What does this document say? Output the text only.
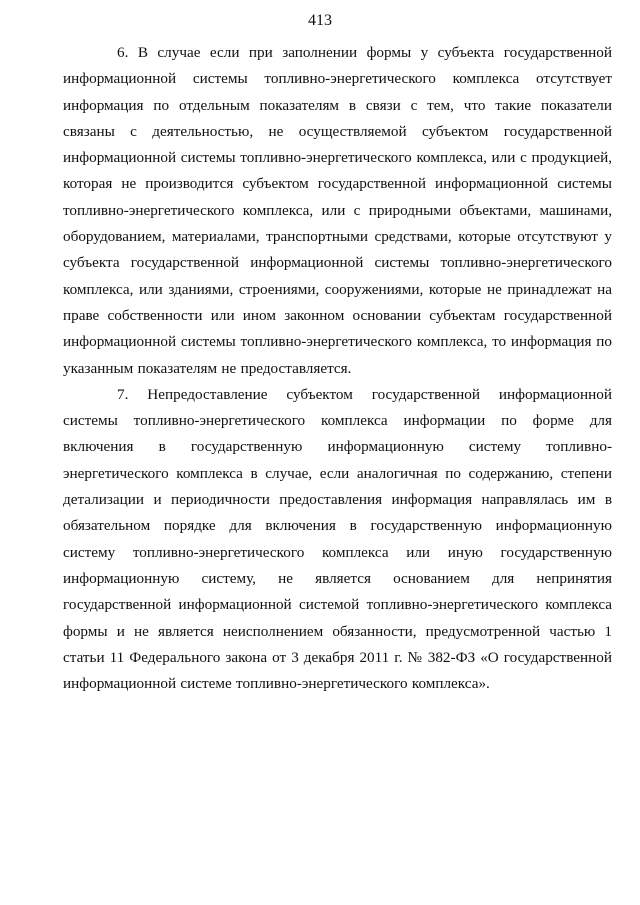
413

6. В случае если при заполнении формы у субъекта государственной информационной системы топливно-энергетического комплекса отсутствует информация по отдельным показателям в связи с тем, что такие показатели связаны с деятельностью, не осуществляемой субъектом государственной информационной системы топливно-энергетического комплекса, или с продукцией, которая не производится субъектом государственной информационной системы топливно-энергетического комплекса, или с природными объектами, машинами, оборудованием, материалами, транспортными средствами, которые отсутствуют у субъекта государственной информационной системы топливно-энергетического комплекса, или зданиями, строениями, сооружениями, которые не принадлежат на праве собственности или ином законном основании субъектам государственной информационной системы топливно-энергетического комплекса, то информация по указанным показателям не предоставляется.

7. Непредоставление субъектом государственной информационной системы топливно-энергетического комплекса информации по форме для включения в государственную информационную систему топливно-энергетического комплекса в случае, если аналогичная по содержанию, степени детализации и периодичности предоставления информация направлялась им в обязательном порядке для включения в государственную информационную систему топливно-энергетического комплекса или иную государственную информационную систему, не является основанием для непринятия государственной информационной системой топливно-энергетического комплекса формы и не является неисполнением обязанности, предусмотренной частью 1 статьи 11 Федерального закона от 3 декабря 2011 г. № 382-ФЗ «О государственной информационной системе топливно-энергетического комплекса».
